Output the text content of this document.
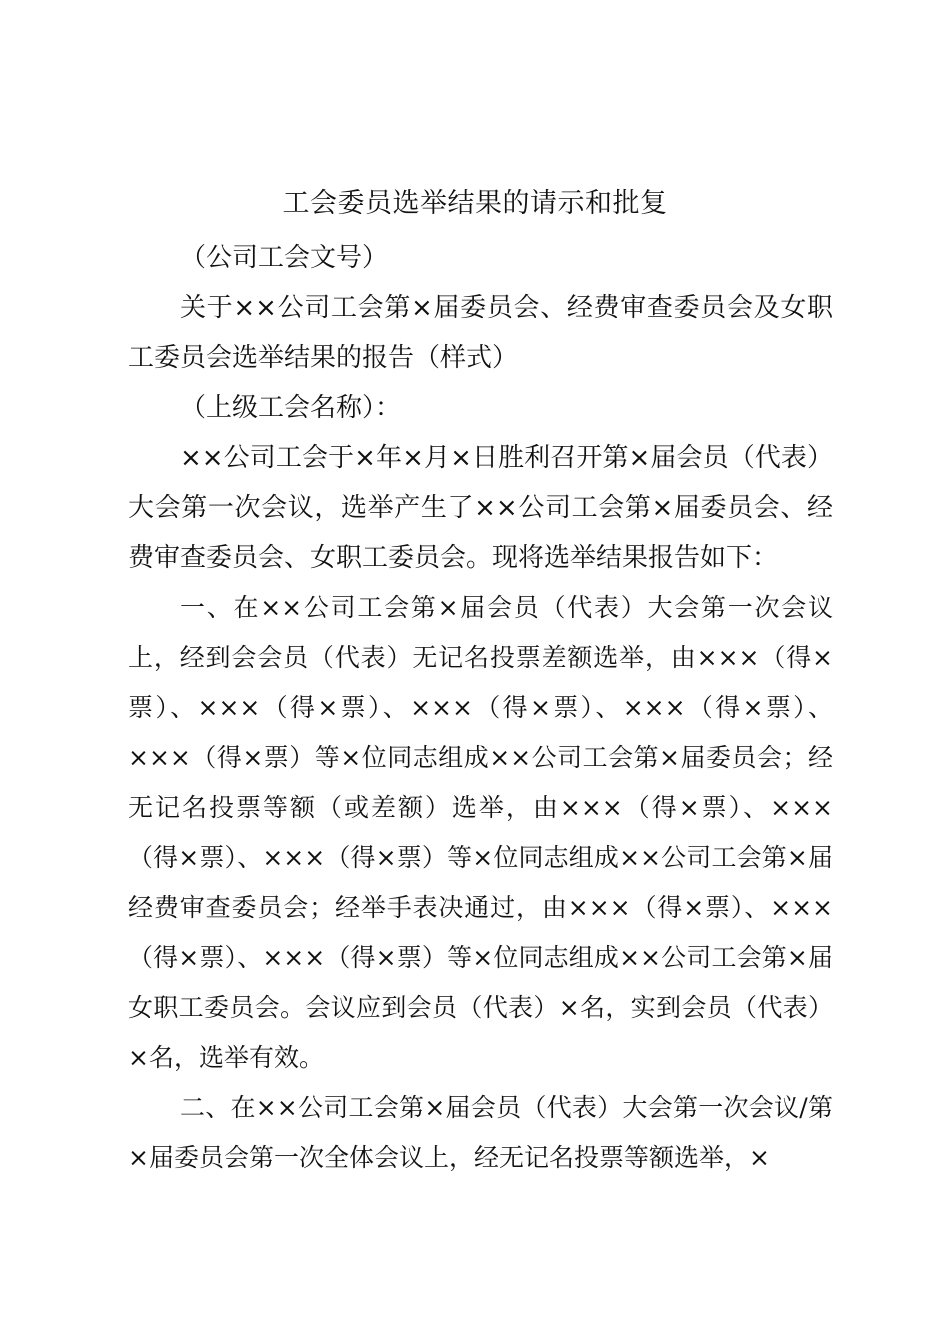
工会委员选举结果的请示和批复

（公司工会文号）

关于××公司工会第×届委员会、经费审查委员会及女职工委员会选举结果的报告（样式）

（上级工会名称）：

××公司工会于×年×月×日胜利召开第×届会员（代表）大会第一次会议，选举产生了××公司工会第×届委员会、经费审查委员会、女职工委员会。现将选举结果报告如下：

一、在××公司工会第×届会员（代表）大会第一次会议上，经到会会员（代表）无记名投票差额选举，由×××（得×票）、×××（得×票）、×××（得×票）、×××（得×票）、×××（得×票）等×位同志组成××公司工会第×届委员会；经无记名投票等额（或差额）选举，由×××（得×票）、×××（得×票）、×××（得×票）等×位同志组成××公司工会第×届经费审查委员会；经举手表决通过，由×××（得×票）、×××（得×票）、×××（得×票）等×位同志组成××公司工会第×届女职工委员会。会议应到会员（代表）×名，实到会员（代表）×名，选举有效。

二、在××公司工会第×届会员（代表）大会第一次会议/第×届委员会第一次全体会议上，经无记名投票等额选举，×
